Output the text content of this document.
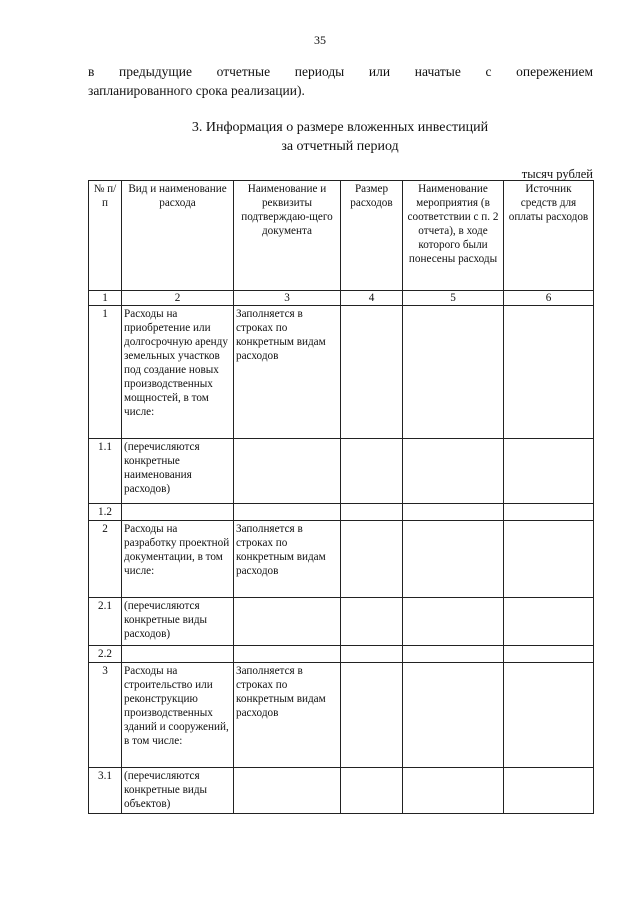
35
в предыдущие отчетные периоды или начатые с опережением
запланированного срока реализации).
3. Информация о размере вложенных инвестиций
за отчетный период
тысяч рублей
№ п/п	Вид и наименование расхода	Наименование и реквизиты подтверждаю-щего документа	Размер расходов	Наименование мероприятия (в соответствии с п. 2 отчета), в ходе которого были понесены расходы	Источник средств для оплаты расходов
1	2	3	4	5	6
1	Расходы на приобретение или долгосрочную аренду земельных участков под создание новых производственных мощностей, в том числе:	Заполняется в строках по конкретным видам расходов			
1.1	(перечисляются конкретные наименования расходов)				
1.2					
2	Расходы на разработку проектной документации, в том числе:	Заполняется в строках по конкретным видам расходов			
2.1	(перечисляются конкретные виды расходов)				
2.2					
3	Расходы на строительство или реконструкцию производственных зданий и сооружений, в том числе:	Заполняется в строках по конкретным видам расходов			
3.1	(перечисляются конкретные виды объектов)				
